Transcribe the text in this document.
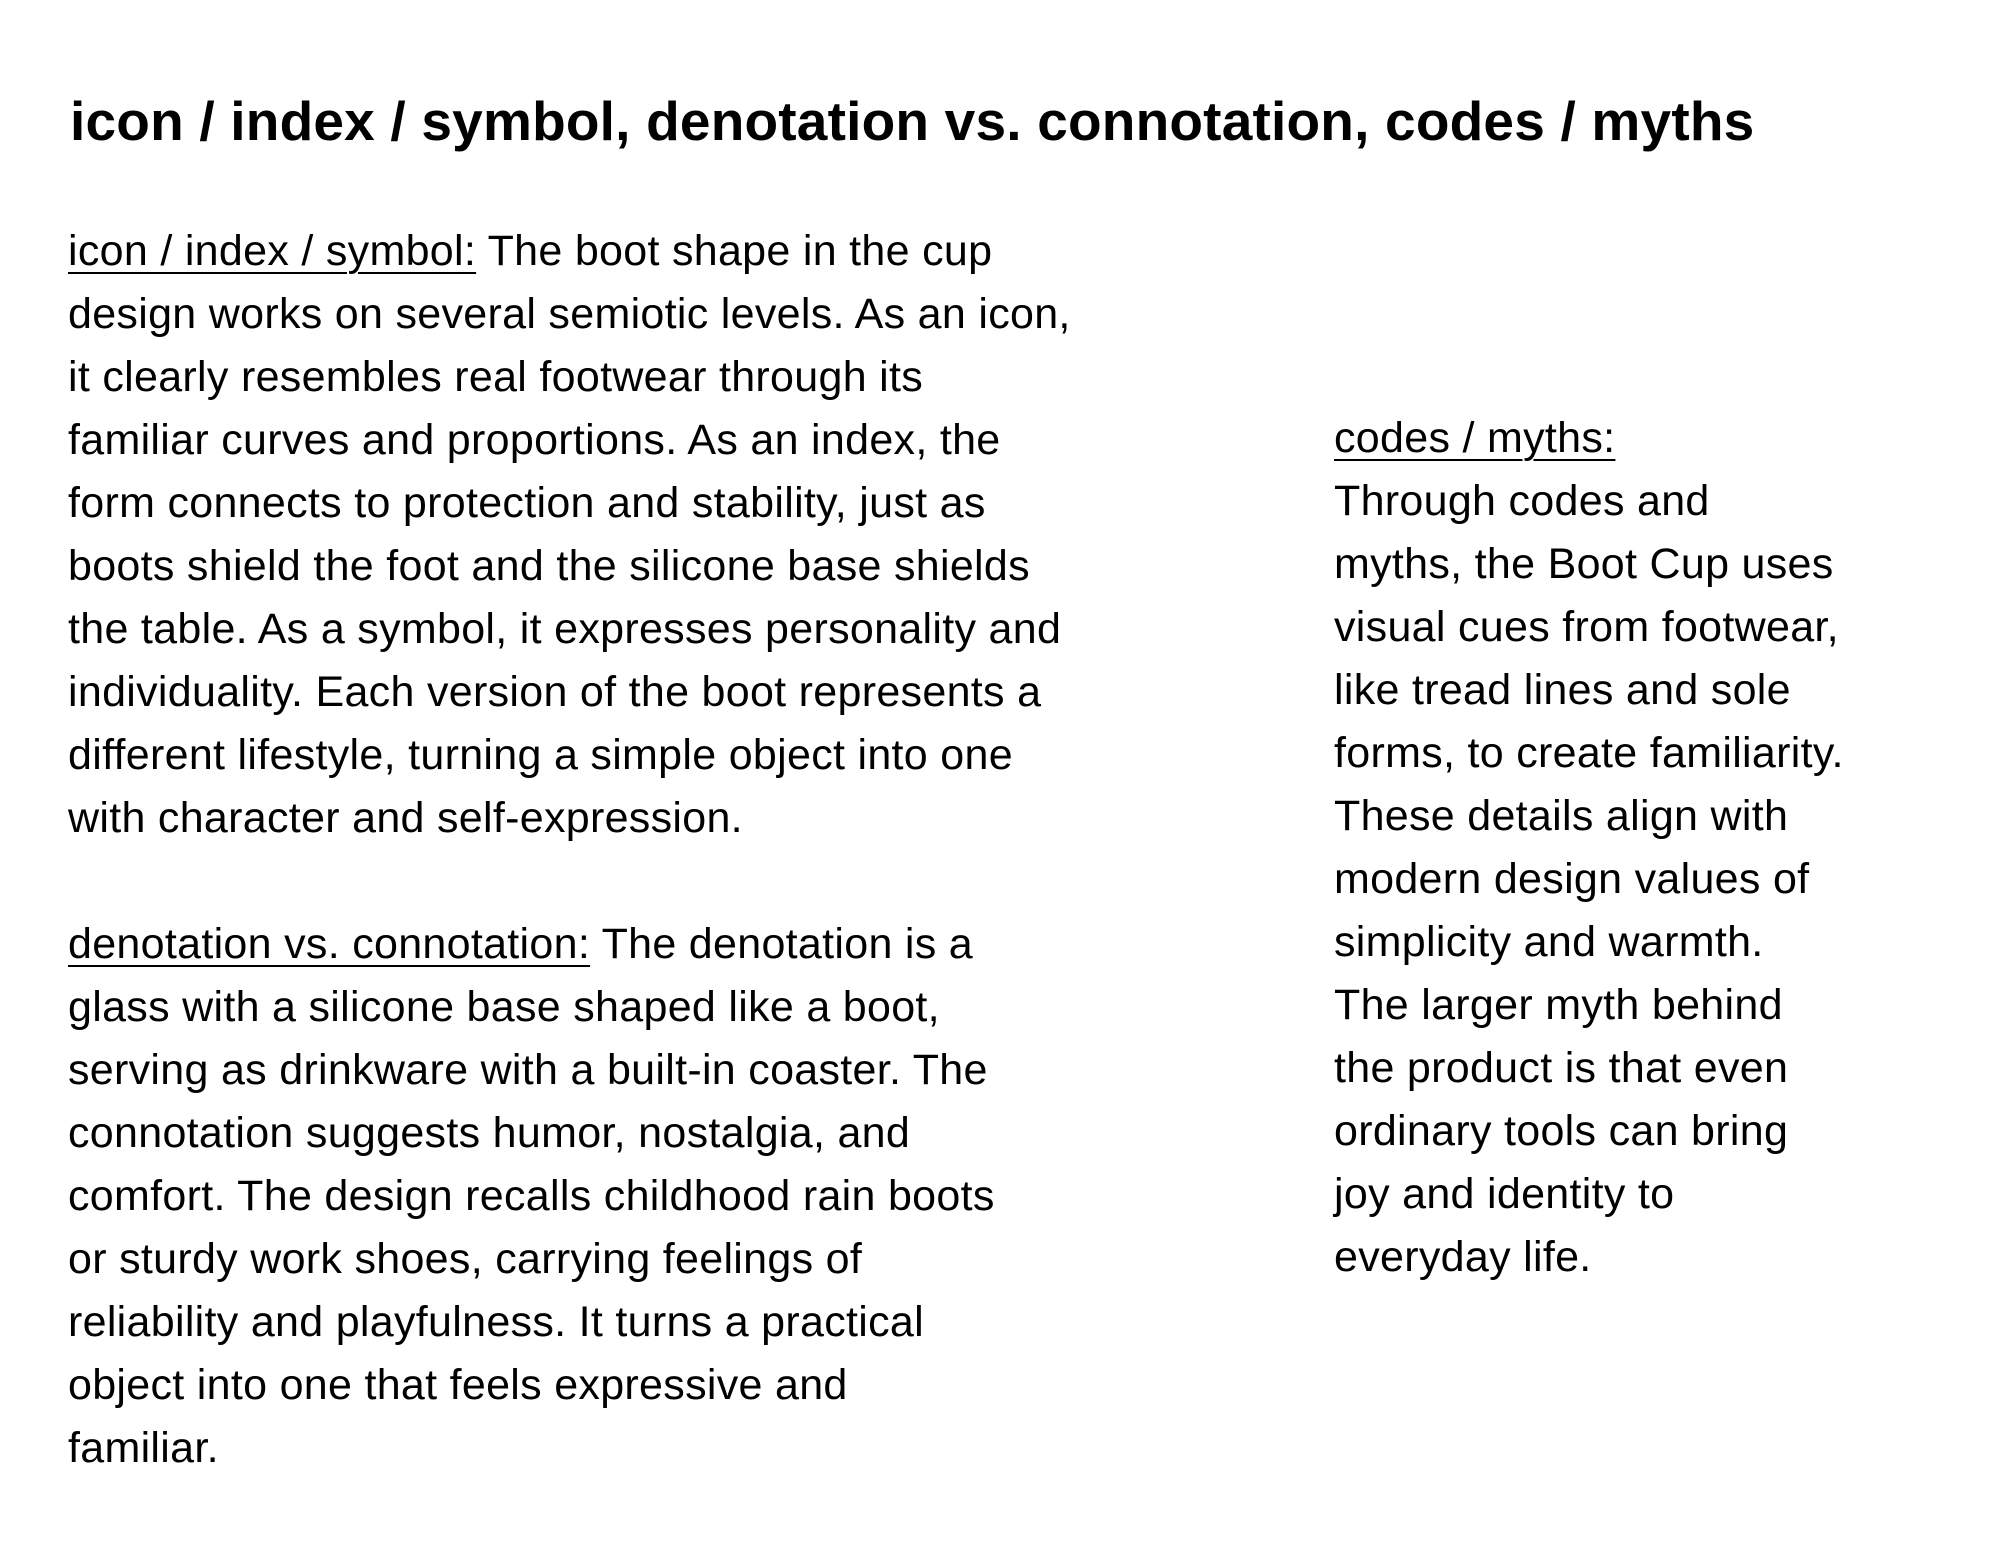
icon / index / symbol, denotation vs. connotation, codes / myths

icon / index / symbol: The boot shape in the cup
design works on several semiotic levels. As an icon,
it clearly resembles real footwear through its
familiar curves and proportions. As an index, the
form connects to protection and stability, just as
boots shield the foot and the silicone base shields
the table. As a symbol, it expresses personality and
individuality. Each version of the boot represents a
different lifestyle, turning a simple object into one
with character and self-expression.

denotation vs. connotation: The denotation is a
glass with a silicone base shaped like a boot,
serving as drinkware with a built-in coaster. The
connotation suggests humor, nostalgia, and
comfort. The design recalls childhood rain boots
or sturdy work shoes, carrying feelings of
reliability and playfulness. It turns a practical
object into one that feels expressive and
familiar.

codes / myths:
Through codes and
myths, the Boot Cup uses
visual cues from footwear,
like tread lines and sole
forms, to create familiarity.
These details align with
modern design values of
simplicity and warmth.
The larger myth behind
the product is that even
ordinary tools can bring
joy and identity to
everyday life.
